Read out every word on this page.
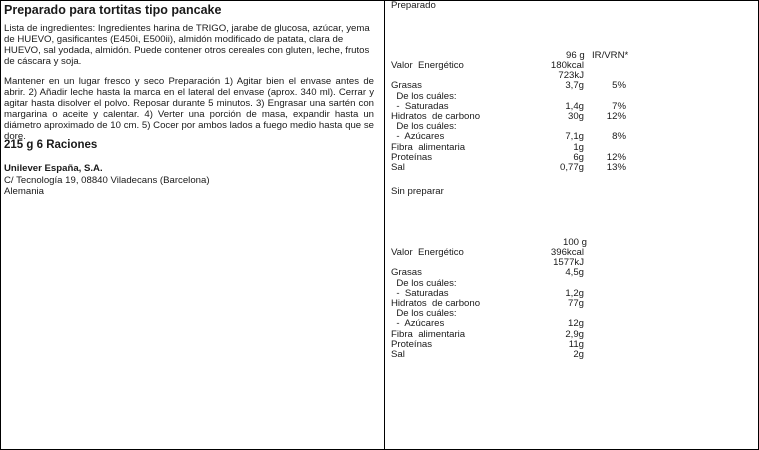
Preparado para tortitas tipo pancake
Lista de ingredientes: Ingredientes harina de TRIGO, jarabe de glucosa, azúcar, yema de HUEVO, gasificantes (E450i, E500ii), almidón modificado de patata, clara de HUEVO, sal yodada, almidón. Puede contener otros cereales con gluten, leche, frutos de cáscara y soja.
Mantener en un lugar fresco y seco Preparación 1) Agitar bien el envase antes de abrir. 2) Añadir leche hasta la marca en el lateral del envase (aprox. 340 ml). Cerrar y agitar hasta disolver el polvo. Reposar durante 5 minutos. 3) Engrasar una sartén con margarina o aceite y calentar. 4) Verter una porción de masa, expandir hasta un diámetro aproximado de 10 cm. 5) Cocer por ambos lados a fuego medio hasta que se dore.
215 g 6 Raciones
Unilever España, S.A.
C/ Tecnología 19, 08840 Viladecans (Barcelona)
Alemania
Preparado
96 g IR/VRN*
Valor  Energético	180kcal
723kJ
Grasas	3,7g	5%
De los cuáles:
-  Saturadas	1,4g	7%
Hidratos  de carbono	30g 12%
De los cuáles:
-  Azúcares	7,1g	8%
Fibra  alimentaria	1g
Proteínas	6g 12%
Sal	0,77g 13%
Sin preparar
100 g
Valor  Energético	396kcal
1577kJ
Grasas	4,5g
De los cuáles:
-  Saturadas	1,2g
Hidratos  de carbono	77g
De los cuáles:
-  Azúcares	12g
Fibra  alimentaria	2,9g
Proteínas	11g
Sal	2g
